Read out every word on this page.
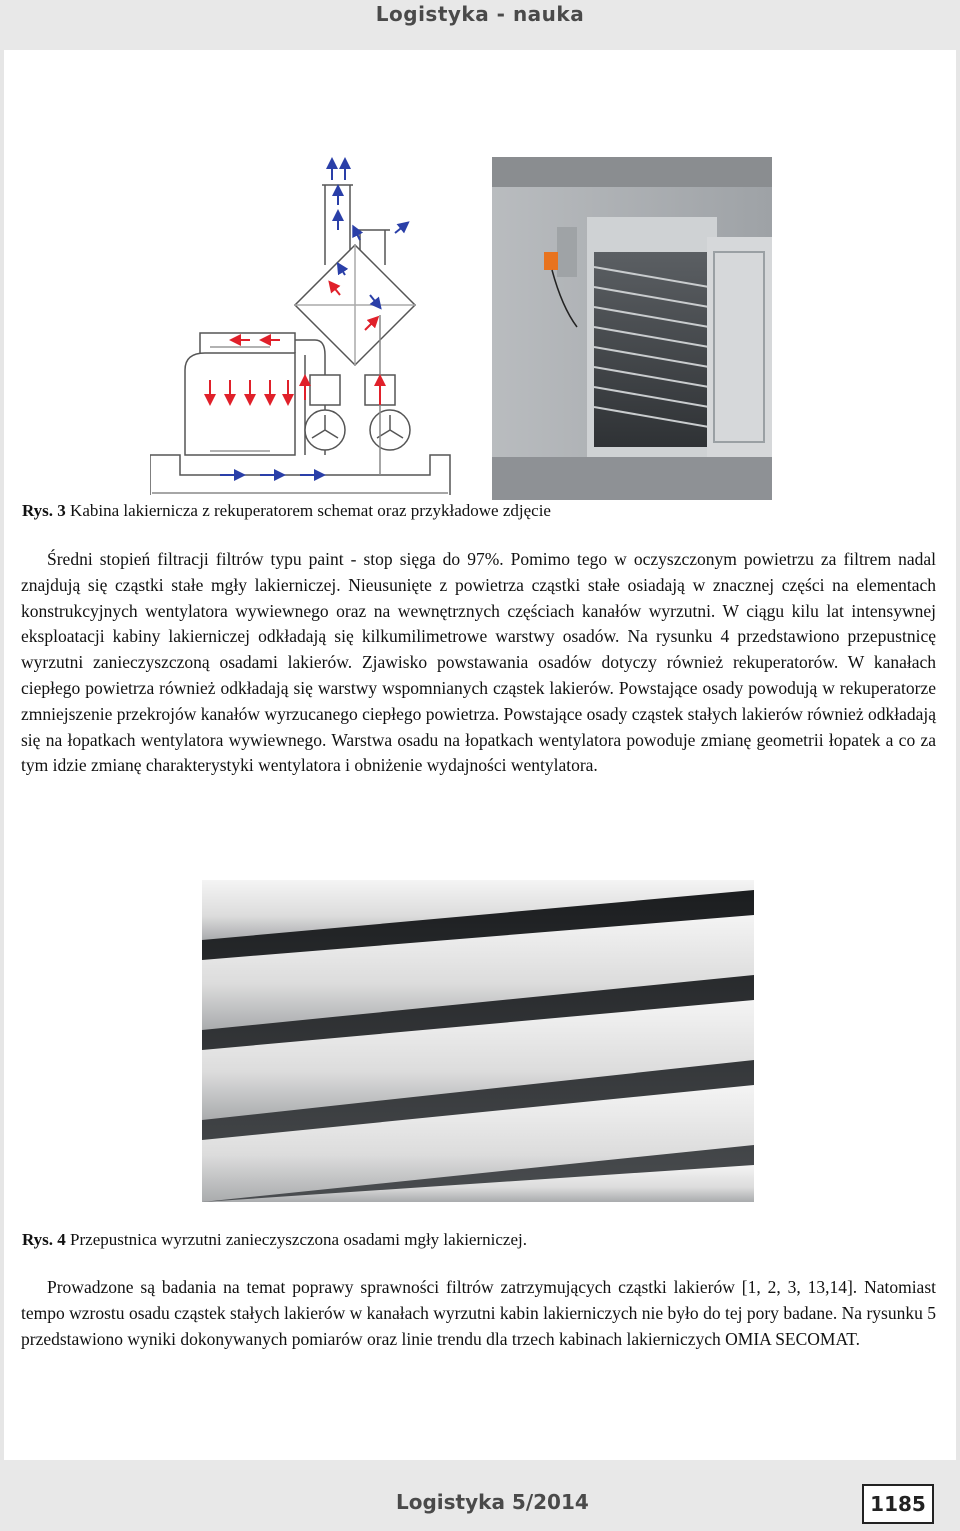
Logistyka - nauka
Rys. 3 Kabina lakiernicza z rekuperatorem schemat oraz przykładowe zdjęcie

Średni stopień filtracji filtrów typu paint - stop sięga do 97%. Pomimo tego w oczyszczonym powietrzu za filtrem nadal znajdują się cząstki stałe mgły lakierniczej. Nieusunięte z powietrza cząstki stałe osiadają w znacznej części na elementach konstrukcyjnych wentylatora wywiewnego oraz na wewnętrznych częściach kanałów wyrzutni. W ciągu kilu lat intensywnej eksploatacji kabiny lakierniczej odkładają się kilkumilimetrowe warstwy osadów. Na rysunku 4 przedstawiono przepustnicę wyrzutni zanieczyszczoną osadami lakierów. Zjawisko powstawania osadów dotyczy również rekuperatorów. W kanałach ciepłego powietrza również odkładają się warstwy wspomnianych cząstek lakierów. Powstające osady powodują w rekuperatorze zmniejszenie przekrojów kanałów wyrzucanego ciepłego powietrza. Powstające osady cząstek stałych lakierów również odkładają się na łopatkach wentylatora wywiewnego. Warstwa osadu na łopatkach wentylatora powoduje zmianę geometrii łopatek a co za tym idzie zmianę charakterystyki wentylatora i obniżenie wydajności wentylatora.

Rys. 4 Przepustnica wyrzutni zanieczyszczona osadami mgły lakierniczej.

Prowadzone są badania na temat poprawy sprawności filtrów zatrzymujących cząstki lakierów [1, 2, 3, 13,14]. Natomiast tempo wzrostu osadu cząstek stałych lakierów w kanałach wyrzutni kabin lakierniczych nie było do tej pory badane. Na rysunku 5 przedstawiono wyniki dokonywanych pomiarów oraz linie trendu dla trzech kabinach lakierniczych OMIA SECOMAT.

Logistyka 5/2014	1185
